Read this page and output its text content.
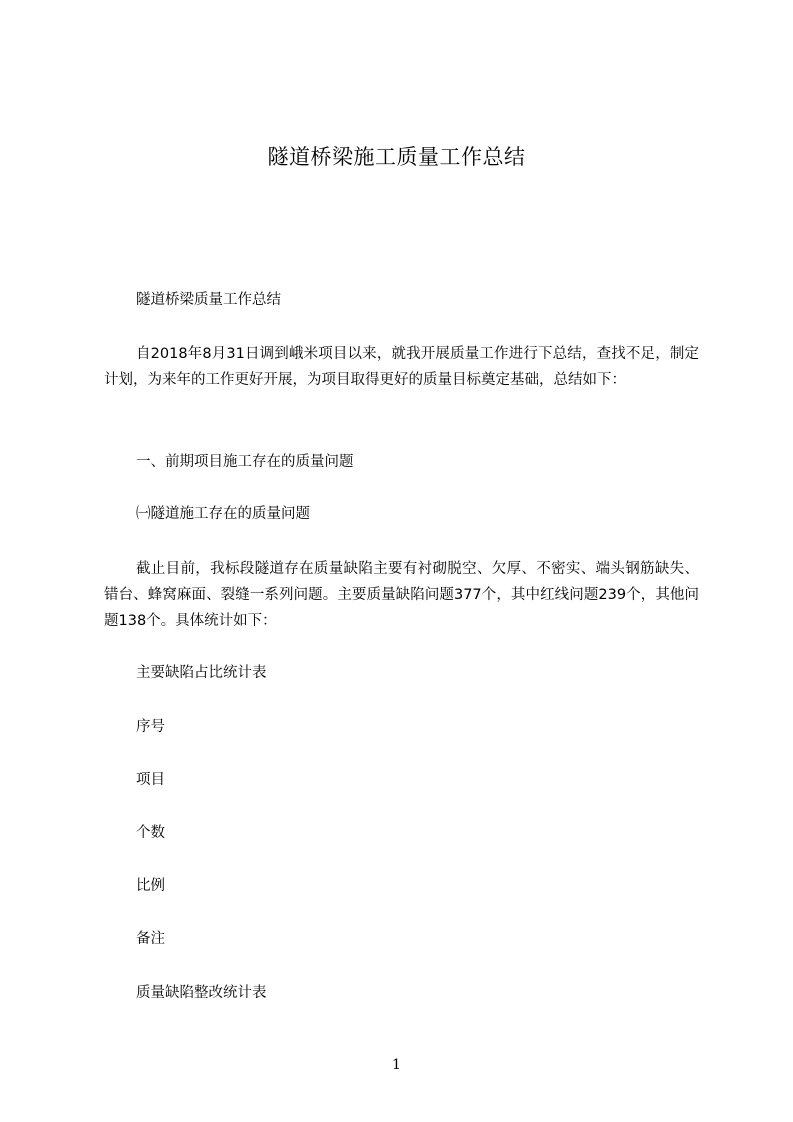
隧道桥梁施工质量工作总结
隧道桥梁质量工作总结
自2018年8月31日调到峨米项目以来，就我开展质量工作进行下总结，查找不足，制定计划，为来年的工作更好开展，为项目取得更好的质量目标奠定基础，总结如下：
一、前期项目施工存在的质量问题
㈠隧道施工存在的质量问题
截止目前，我标段隧道存在质量缺陷主要有衬砌脱空、欠厚、不密实、端头钢筋缺失、错台、蜂窝麻面、裂缝一系列问题。主要质量缺陷问题377个，其中红线问题239个，其他问题138个。具体统计如下：
主要缺陷占比统计表
序号
项目
个数
比例
备注
质量缺陷整改统计表
1
